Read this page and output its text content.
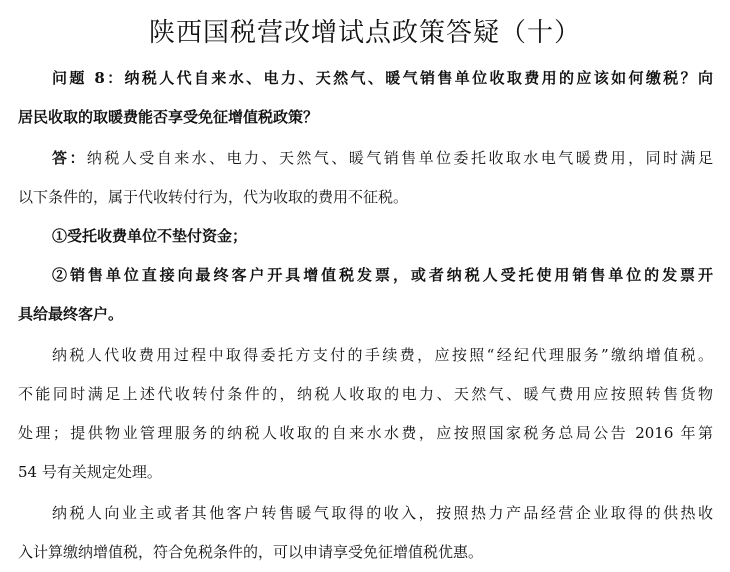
陕西国税营改增试点政策答疑（十）
问题 8：纳税人代自来水、电力、天然气、暖气销售单位收取费用的应该如何缴税？向
居民收取的取暖费能否享受免征增值税政策？
答：纳税人受自来水、电力、天然气、暖气销售单位委托收取水电气暖费用，同时满足
以下条件的，属于代收转付行为，代为收取的费用不征税。
①受托收费单位不垫付资金；
②销售单位直接向最终客户开具增值税发票，或者纳税人受托使用销售单位的发票开
具给最终客户。
纳税人代收费用过程中取得委托方支付的手续费，应按照“经纪代理服务”缴纳增值税。
不能同时满足上述代收转付条件的，纳税人收取的电力、天然气、暖气费用应按照转售货物
处理；提供物业管理服务的纳税人收取的自来水水费，应按照国家税务总局公告 2016 年第
54 号有关规定处理。
纳税人向业主或者其他客户转售暖气取得的收入，按照热力产品经营企业取得的供热收
入计算缴纳增值税，符合免税条件的，可以申请享受免征增值税优惠。
